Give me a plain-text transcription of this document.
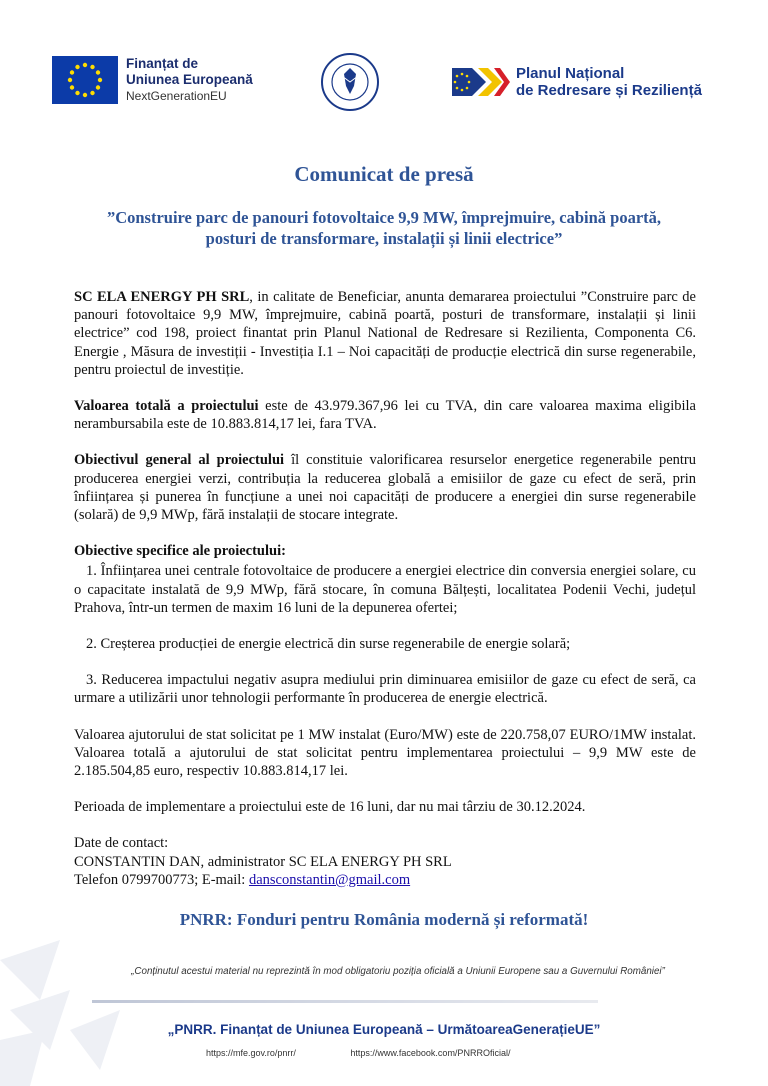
Finanțat de
Uniunea Europeană
NextGenerationEU
Planul Național
de Redresare și Reziliență
Comunicat de presă
”Construire parc de panouri fotovoltaice 9,9 MW, împrejmuire, cabină poartă, posturi de transformare, instalații și linii electrice”

SC ELA ENERGY PH SRL, in calitate de Beneficiar, anunta demararea proiectului ”Construire parc de panouri fotovoltaice 9,9 MW, împrejmuire, cabină poartă, posturi de transformare, instalații și linii electrice” cod 198, proiect finantat prin Planul National de Redresare si Rezilienta, Componenta C6. Energie , Măsura de investiții - Investiția I.1 – Noi capacități de producție electrică din surse regenerabile, pentru proiectul de investiție.

Valoarea totală a proiectului este de 43.979.367,96 lei cu TVA, din care valoarea maxima eligibila nerambursabila este de 10.883.814,17 lei, fara TVA.

Obiectivul general al proiectului îl constituie valorificarea resurselor energetice regenerabile pentru producerea energiei verzi, contribuția la reducerea globală a emisiilor de gaze cu efect de seră, prin înființarea și punerea în funcțiune a unei noi capacități de producere a energiei din surse regenerabile (solară) de 9,9 MWp, fără instalații de stocare integrate.

Obiective specifice ale proiectului:

1. Înființarea unei centrale fotovoltaice de producere a energiei electrice din conversia energiei solare, cu o capacitate instalată de 9,9 MWp, fără stocare, în comuna Bălțești, localitatea Podenii Vechi, județul Prahova, într-un termen de maxim 16 luni de la depunerea ofertei;

2. Creșterea producției de energie electrică din surse regenerabile de energie solară;

3. Reducerea impactului negativ asupra mediului prin diminuarea emisiilor de gaze cu efect de seră, ca urmare a utilizării unor tehnologii performante în producerea de energie electrică.

Valoarea ajutorului de stat solicitat pe 1 MW instalat (Euro/MW) este de 220.758,07 EURO/1MW instalat. Valoarea totală a ajutorului de stat solicitat pentru implementarea proiectului – 9,9 MW este de 2.185.504,85 euro, respectiv 10.883.814,17 lei.

Perioada de implementare a proiectului este de 16 luni, dar nu mai târziu de 30.12.2024.

Date de contact:
CONSTANTIN DAN, administrator SC ELA ENERGY PH SRL
Telefon 0799700773; E-mail: dansconstantin@gmail.com
PNRR: Fonduri pentru România modernă și reformată!
„Conținutul acestui material nu reprezintă în mod obligatoriu poziția oficială a Uniunii Europene sau a Guvernului României”
„PNRR. Finanțat de Uniunea Europeană – UrmătoareaGenerațieUE”
https://mfe.gov.ro/pnrr/	https://www.facebook.com/PNRROficial/
